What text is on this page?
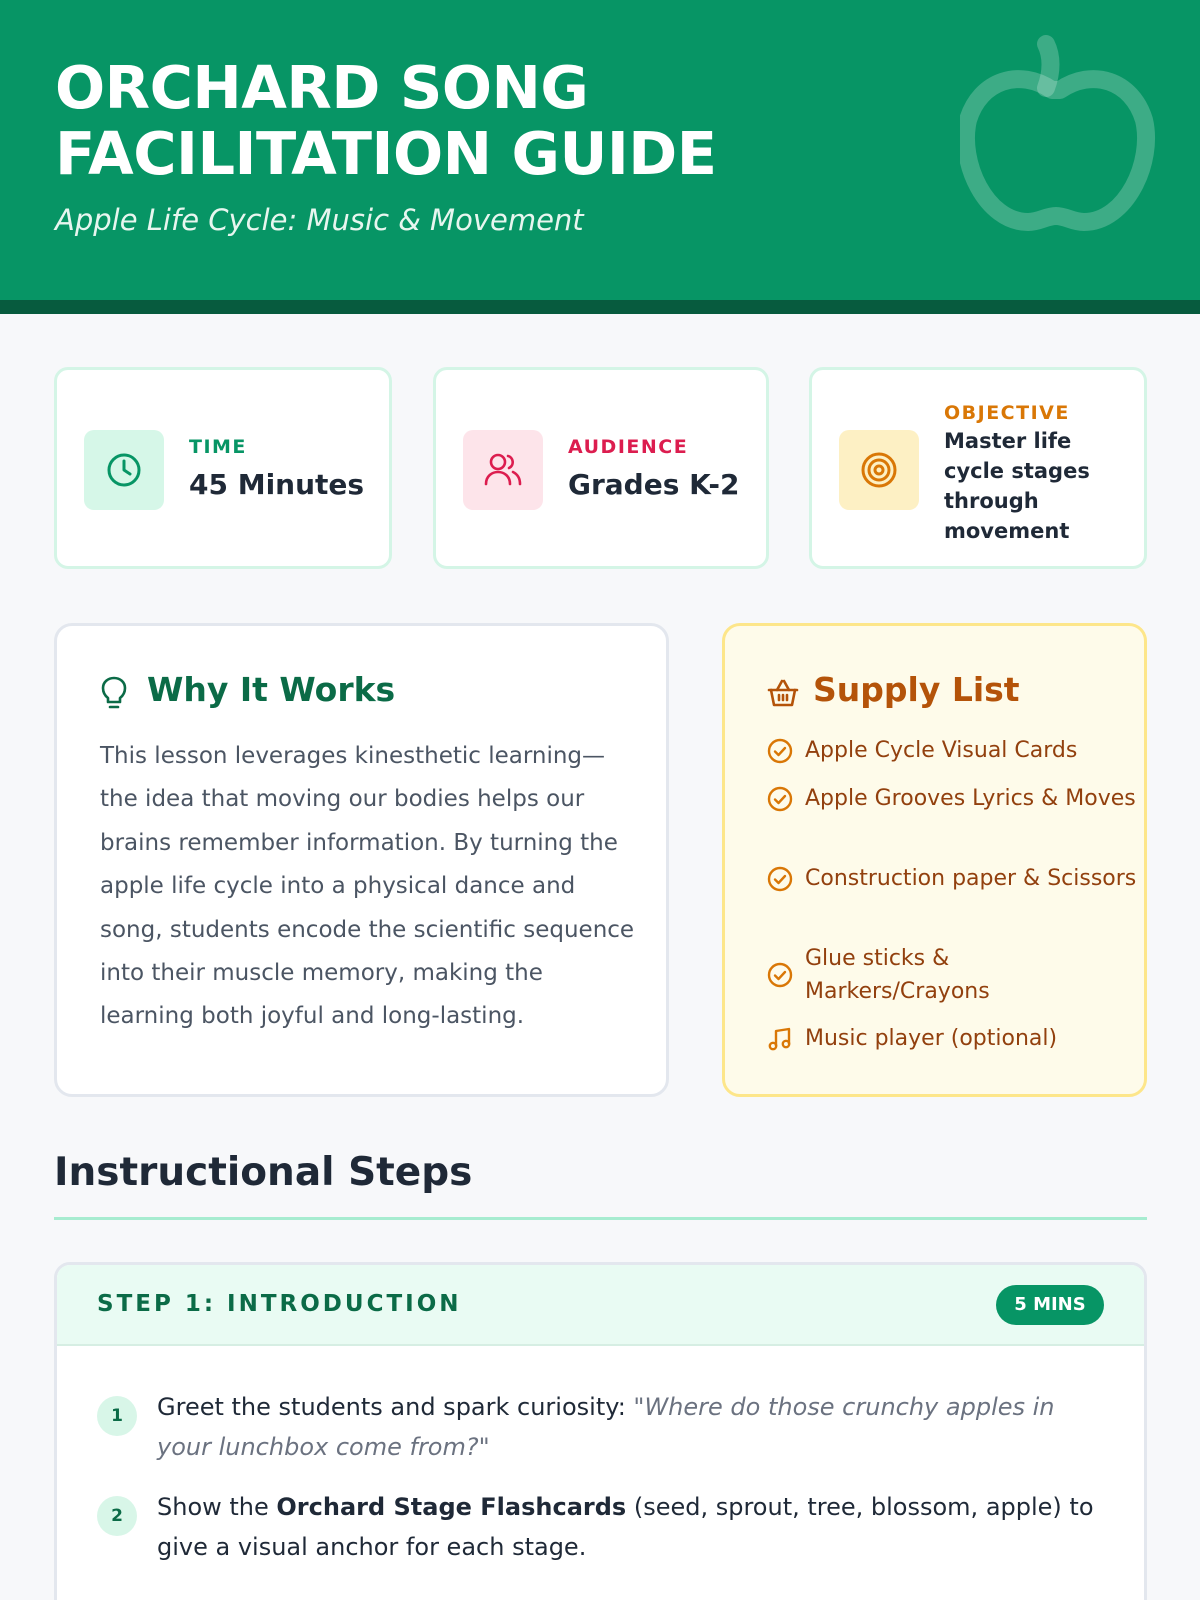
ORCHARD SONG FACILITATION GUIDE
Apple Life Cycle: Music & Movement
TIME
45 Minutes
AUDIENCE
Grades K-2
OBJECTIVE
Master life cycle stages through movement
Why It Works

This lesson leverages kinesthetic learning—the idea that moving our bodies helps our brains remember information. By turning the apple life cycle into a physical dance and song, students encode the scientific sequence into their muscle memory, making the learning both joyful and long-lasting.

Supply List
Apple Cycle Visual Cards
Apple Grooves Lyrics & Moves
Construction paper & Scissors
Glue sticks & Markers/Crayons
Music player (optional)
Instructional Steps
STEP 1: INTRODUCTION	5 MINS
1	Greet the students and spark curiosity: "Where do those crunchy apples in your lunchbox come from?"
2	Show the Orchard Stage Flashcards (seed, sprout, tree, blossom, apple) to give a visual anchor for each stage.
